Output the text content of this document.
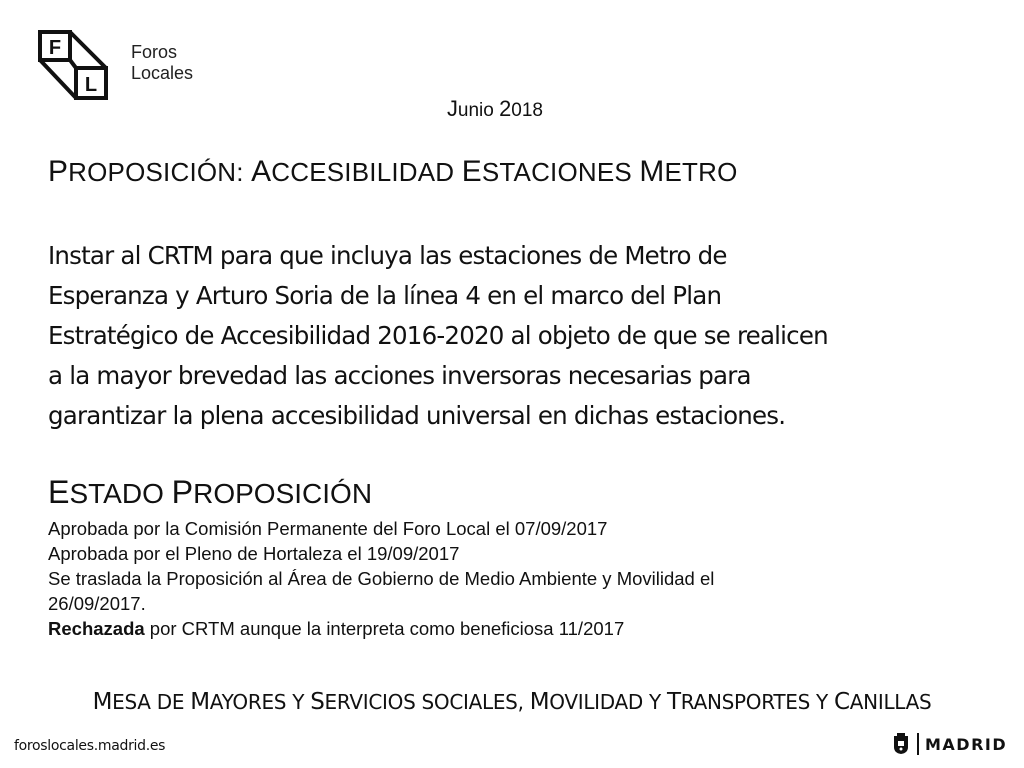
F
L
Foros
Locales
Junio 2018
PROPOSICIÓN: ACCESIBILIDAD ESTACIONES METRO
Instar al CRTM para que incluya las estaciones de Metro de
Esperanza y Arturo Soria de la línea 4 en el marco del Plan
Estratégico de Accesibilidad 2016-2020 al objeto de que se realicen
a la mayor brevedad las acciones inversoras necesarias para
garantizar la plena accesibilidad universal en dichas estaciones.
ESTADO PROPOSICIÓN
Aprobada por la Comisión Permanente del Foro Local el 07/09/2017
Aprobada por el Pleno de Hortaleza el 19/09/2017
Se traslada la Proposición al Área de Gobierno de Medio Ambiente y Movilidad el
26/09/2017.
Rechazada por CRTM aunque la interpreta como beneficiosa 11/2017
MESA DE MAYORES Y SERVICIOS SOCIALES, MOVILIDAD Y TRANSPORTES Y CANILLAS
foroslocales.madrid.es	MADRID
